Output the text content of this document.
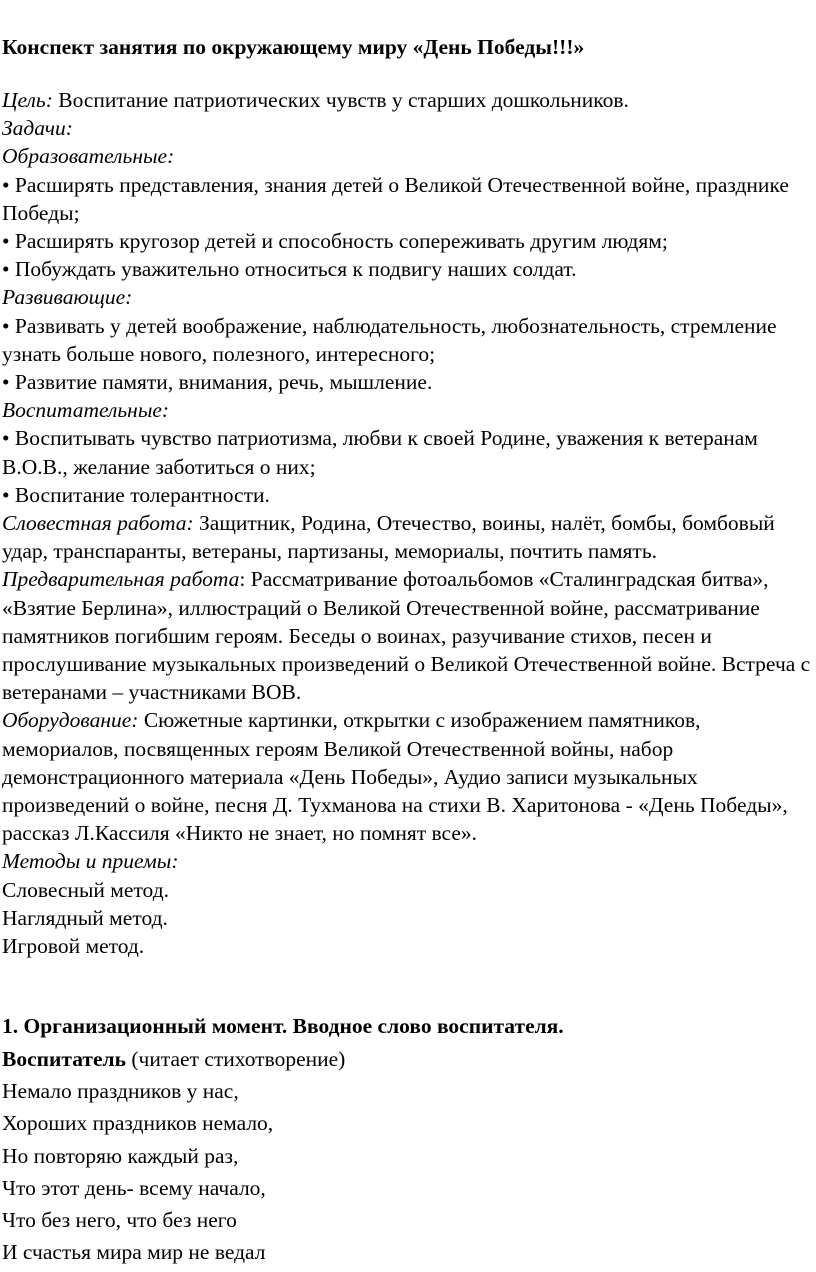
Конспект занятия по окружающему миру «День Победы!!!»

Цель: Воспитание патриотических чувств у старших дошкольников.

Задачи:

Образовательные:

• Расширять представления, знания детей о Великой Отечественной войне, празднике Победы;

• Расширять кругозор детей и способность сопереживать другим людям;

• Побуждать уважительно относиться к подвигу наших солдат.

Развивающие:

• Развивать у детей воображение, наблюдательность, любознательность, стремление узнать больше нового, полезного, интересного;

• Развитие памяти, внимания, речь, мышление.

Воспитательные:

• Воспитывать чувство патриотизма, любви к своей Родине, уважения к ветеранам В.О.В., желание заботиться о них;

• Воспитание толерантности.

Словестная работа: Защитник, Родина, Отечество, воины, налёт, бомбы, бомбовый удар, транспаранты, ветераны, партизаны, мемориалы, почтить память.

Предварительная работа: Рассматривание фотоальбомов «Сталинградская битва», «Взятие Берлина», иллюстраций о Великой Отечественной войне, рассматривание памятников погибшим героям. Беседы о воинах, разучивание стихов, песен и прослушивание музыкальных произведений о Великой Отечественной войне. Встреча с ветеранами – участниками ВОВ.

Оборудование: Сюжетные картинки, открытки с изображением памятников, мемориалов, посвященных героям Великой Отечественной войны, набор демонстрационного материала «День Победы», Аудио записи музыкальных произведений о войне, песня Д. Тухманова на стихи В. Харитонова - «День Победы», рассказ Л.Кассиля «Никто не знает, но помнят все».

Методы и приемы:

Словесный метод.

Наглядный метод.

Игровой метод.

1. Организационный момент. Вводное слово воспитателя.

Воспитатель (читает стихотворение)

Немало праздников у нас,

Хороших праздников немало,

Но повторяю каждый раз,

Что этот день- всему начало,

Что без него, что без него

И счастья мира мир не ведал
